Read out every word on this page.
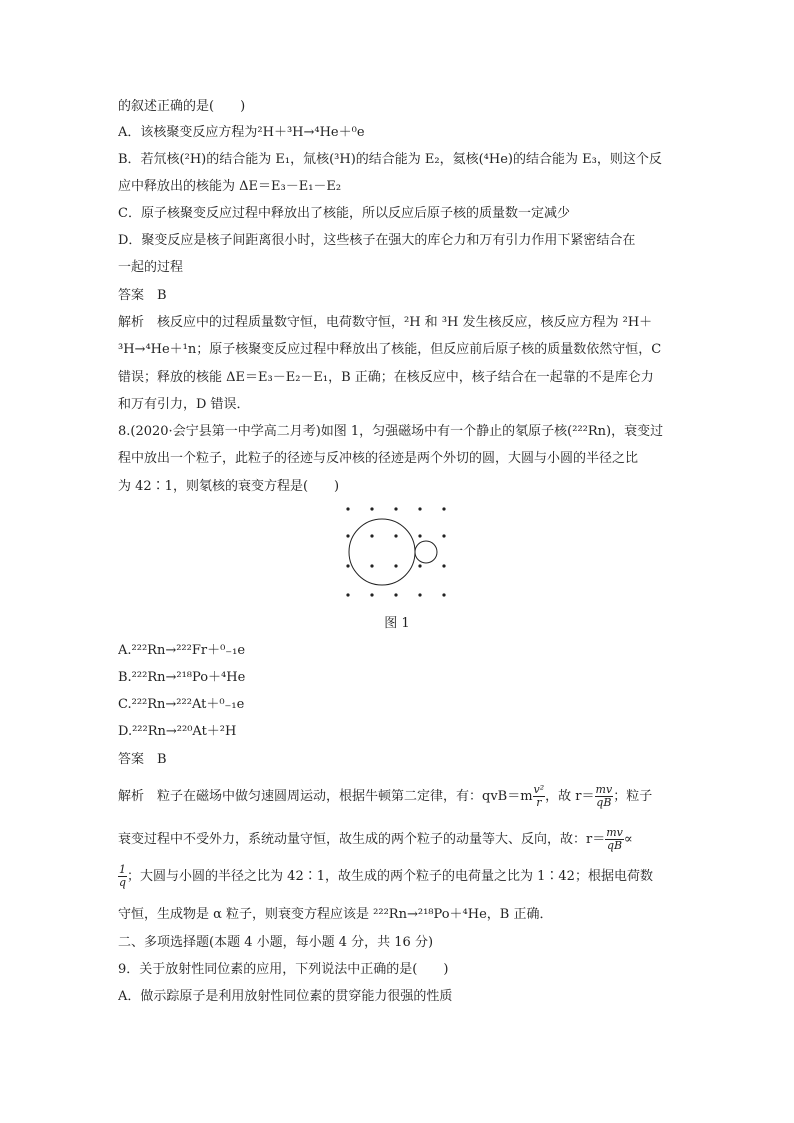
的叙述正确的是(　　)
A．该核聚变反应方程为²H＋³H→⁴He＋⁰e
B．若氘核(²H)的结合能为 E₁，氚核(³H)的结合能为 E₂，氦核(⁴He)的结合能为 E₃，则这个反
应中释放出的核能为 ΔE＝E₃－E₁－E₂
C．原子核聚变反应过程中释放出了核能，所以反应后原子核的质量数一定减少
D．聚变反应是核子间距离很小时，这些核子在强大的库仑力和万有引力作用下紧密结合在
一起的过程
答案　B
解析　核反应中的过程质量数守恒，电荷数守恒，²H 和 ³H 发生核反应，核反应方程为 ²H＋
³H→⁴He＋¹n；原子核聚变反应过程中释放出了核能，但反应前后原子核的质量数依然守恒，C
错误；释放的核能 ΔE＝E₃－E₂－E₁，B 正确；在核反应中，核子结合在一起靠的不是库仑力
和万有引力，D 错误．
8.(2020·会宁县第一中学高二月考)如图 1，匀强磁场中有一个静止的氡原子核(²²²Rn)，衰变过
程中放出一个粒子，此粒子的径迹与反冲核的径迹是两个外切的圆，大圆与小圆的半径之比
为 42∶1，则氡核的衰变方程是(　　)
图 1
A.²²²Rn→²²²Fr＋⁰₋₁e
B.²²²Rn→²¹⁸Po＋⁴He
C.²²²Rn→²²²At＋⁰₋₁e
D.²²²Rn→²²⁰At＋²H
答案　B
解析　粒子在磁场中做匀速圆周运动，根据牛顿第二定律，有：$qvB=m \frac{\text{v²}}{r}$ ，故 $r= \frac{mv}{qB}$ ；粒子
衰变过程中不受外力，系统动量守恒，故生成的两个粒子的动量等大、反向，故：$r= \frac{mv}{qB}$ ∝
$\frac{1}{q}$ ；大圆与小圆的半径之比为 42∶1，故生成的两个粒子的电荷量之比为 1∶42；根据电荷数
守恒，生成物是 α 粒子，则衰变方程应该是 ²²²Rn→²¹⁸Po＋⁴He，B 正确．
二、多项选择题(本题 4 小题，每小题 4 分，共 16 分)
9．关于放射性同位素的应用，下列说法中正确的是(　　)
A．做示踪原子是利用放射性同位素的贯穿能力很强的性质
